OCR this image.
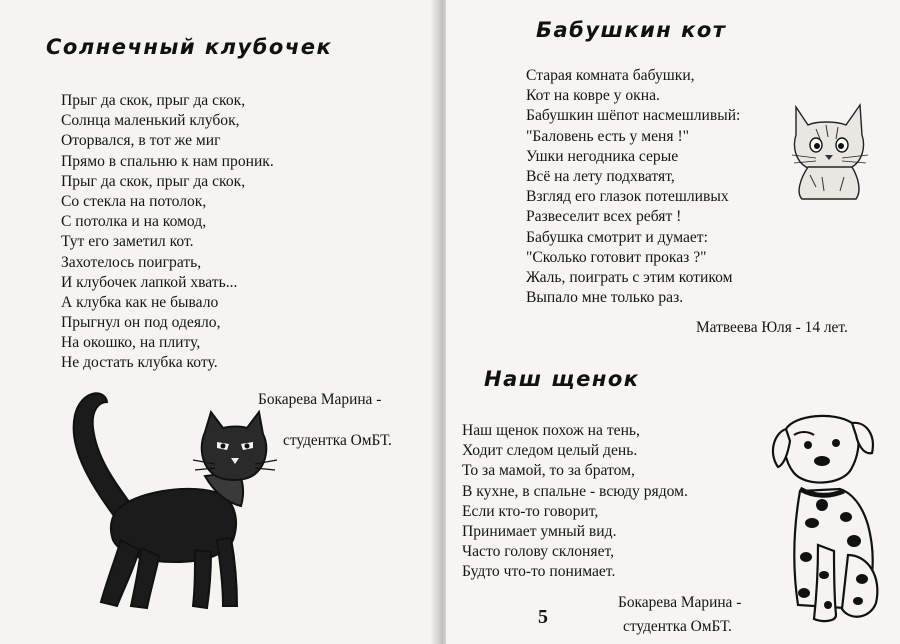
Солнечный клубочек
Прыг да скок, прыг да скок,
Солнца маленький клубок,
Оторвался, в тот же миг
Прямо в спальню к нам проник.
Прыг да скок, прыг да скок,
Со стекла на потолок,
С потолка и на комод,
Тут его заметил кот.
Захотелось поиграть,
И клубочек лапкой хвать...
А клубка как не бывало
Прыгнул он под одеяло,
На окошко, на плиту,
Не достать клубка коту.
Бокарева Марина -
студентка ОмБТ.
Бабушкин кот
Старая комната бабушки,
Кот на ковре у окна.
Бабушкин шёпот насмешливый:
"Баловень есть у меня !"
Ушки негодника серые
Всё на лету подхватят,
Взгляд его глазок потешливых
Развеселит всех ребят !
Бабушка смотрит и думает:
"Сколько готовит проказ ?"
Жаль, поиграть с этим котиком
Выпало мне только раз.
Матвеева Юля - 14 лет.
Наш щенок
Наш щенок похож на тень,
Ходит следом целый день.
То за мамой, то за братом,
В кухне, в спальне - всюду рядом.
Если кто-то говорит,
Принимает умный вид.
Часто голову склоняет,
Будто что-то понимает.
Бокарева Марина -
студентка ОмБТ.
5
